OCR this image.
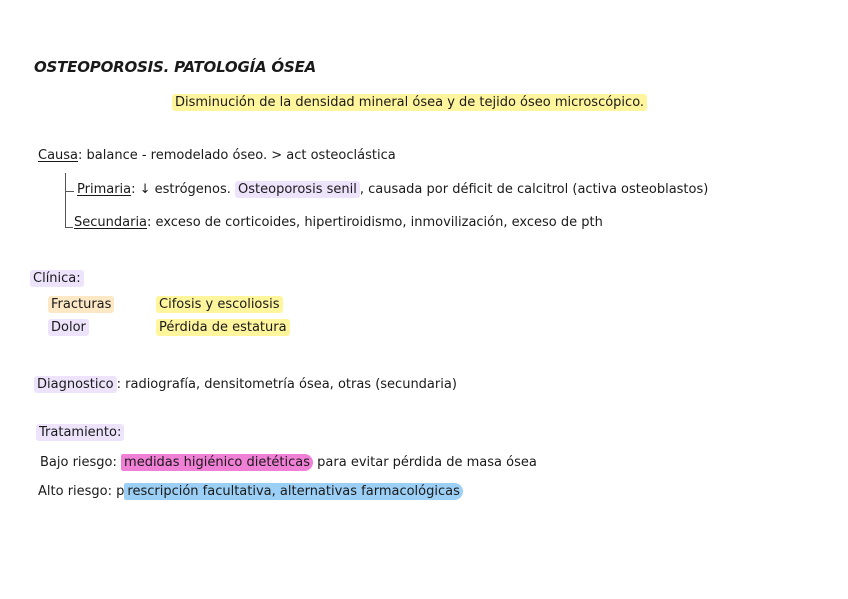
OSTEOPOROSIS. PATOLOGÍA ÓSEA
Disminución de la densidad mineral ósea y de tejido óseo microscópico.
Causa: balance - remodelado óseo. > act osteoclástica
Primaria: ↓ estrógenos. Osteoporosis senil , causada por déficit de calcitrol (activa osteoblastos)
Secundaria: exceso de corticoides, hipertiroidismo, inmovilización, exceso de pth
Clínica:
Fracturas
Dolor
Cifosis y escoliosis
Pérdida de estatura
Diagnostico : radiografía, densitometría ósea, otras (secundaria)
Tratamiento:
Bajo riesgo: medidas higiénico dietéticas para evitar pérdida de masa ósea
Alto riesgo: p rescripción facultativa, alternativas farmacológicas
